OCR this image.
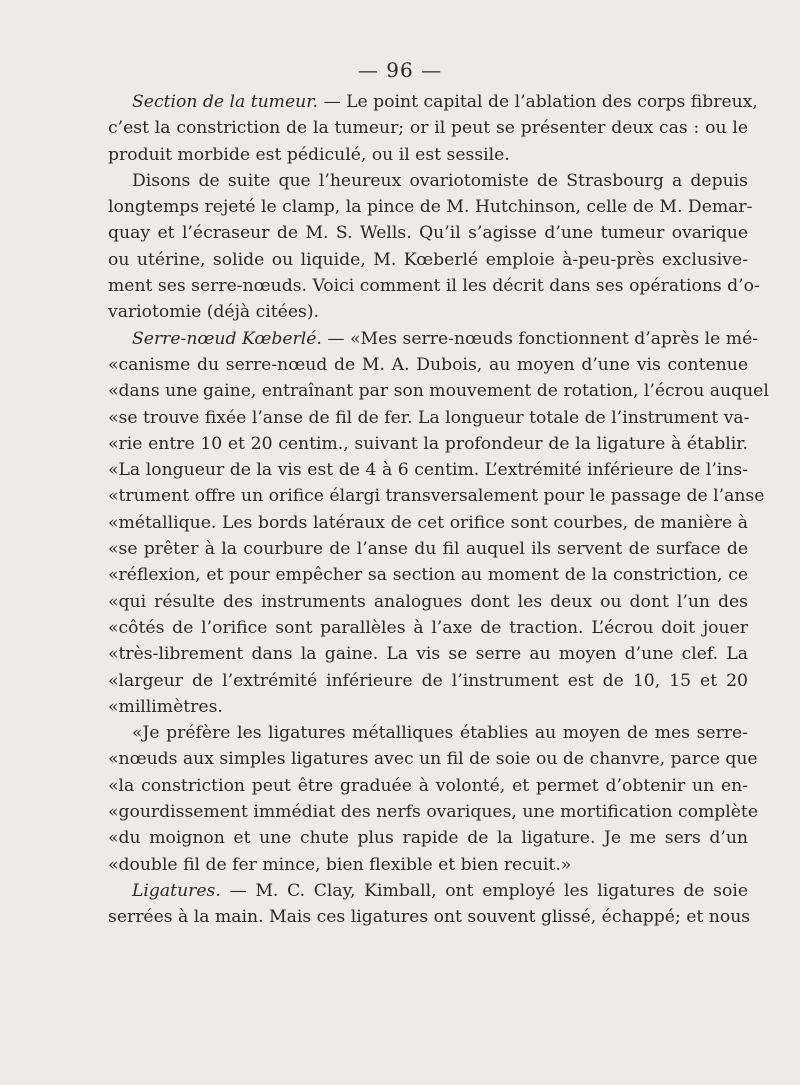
— 96 —
Section de la tumeur. — Le point capital de l’ablation des corps fibreux,
c’est la constriction de la tumeur; or il peut se présenter deux cas : ou le
produit morbide est pédiculé, ou il est sessile.
Disons de suite que l’heureux ovariotomiste de Strasbourg a depuis
longtemps rejeté le clamp, la pince de M. Hutchinson, celle de M. Demar-
quay et l’écraseur de M. S. Wells. Qu’il s’agisse d’une tumeur ovarique
ou utérine, solide ou liquide, M. Kœberlé emploie à-peu-près exclusive-
ment ses serre-nœuds. Voici comment il les décrit dans ses opérations d’o-
variotomie (déjà citées).
Serre-nœud Kœberlé. — «Mes serre-nœuds fonctionnent d’après le mé-
«canisme du serre-nœud de M. A. Dubois, au moyen d’une vis contenue
«dans une gaine, entraînant par son mouvement de rotation, l’écrou auquel
«se trouve fixée l’anse de fil de fer. La longueur totale de l’instrument va-
«rie entre 10 et 20 centim., suivant la profondeur de la ligature à établir.
«La longueur de la vis est de 4 à 6 centim. L’extrémité inférieure de l’ins-
«trument offre un orifice élargi transversalement pour le passage de l’anse
«métallique. Les bords latéraux de cet orifice sont courbes, de manière à
«se prêter à la courbure de l’anse du fil auquel ils servent de surface de
«réflexion, et pour empêcher sa section au moment de la constriction, ce
«qui résulte des instruments analogues dont les deux ou dont l’un des
«côtés de l’orifice sont parallèles à l’axe de traction. L’écrou doit jouer
«très-librement dans la gaine. La vis se serre au moyen d’une clef. La
«largeur de l’extrémité inférieure de l’instrument est de 10, 15 et 20
«millimètres.
«Je préfère les ligatures métalliques établies au moyen de mes serre-
«nœuds aux simples ligatures avec un fil de soie ou de chanvre, parce que
«la constriction peut être graduée à volonté, et permet d’obtenir un en-
«gourdissement immédiat des nerfs ovariques, une mortification complète
«du moignon et une chute plus rapide de la ligature. Je me sers d’un
«double fil de fer mince, bien flexible et bien recuit.»
Ligatures. — M. C. Clay, Kimball, ont employé les ligatures de soie
serrées à la main. Mais ces ligatures ont souvent glissé, échappé; et nous
